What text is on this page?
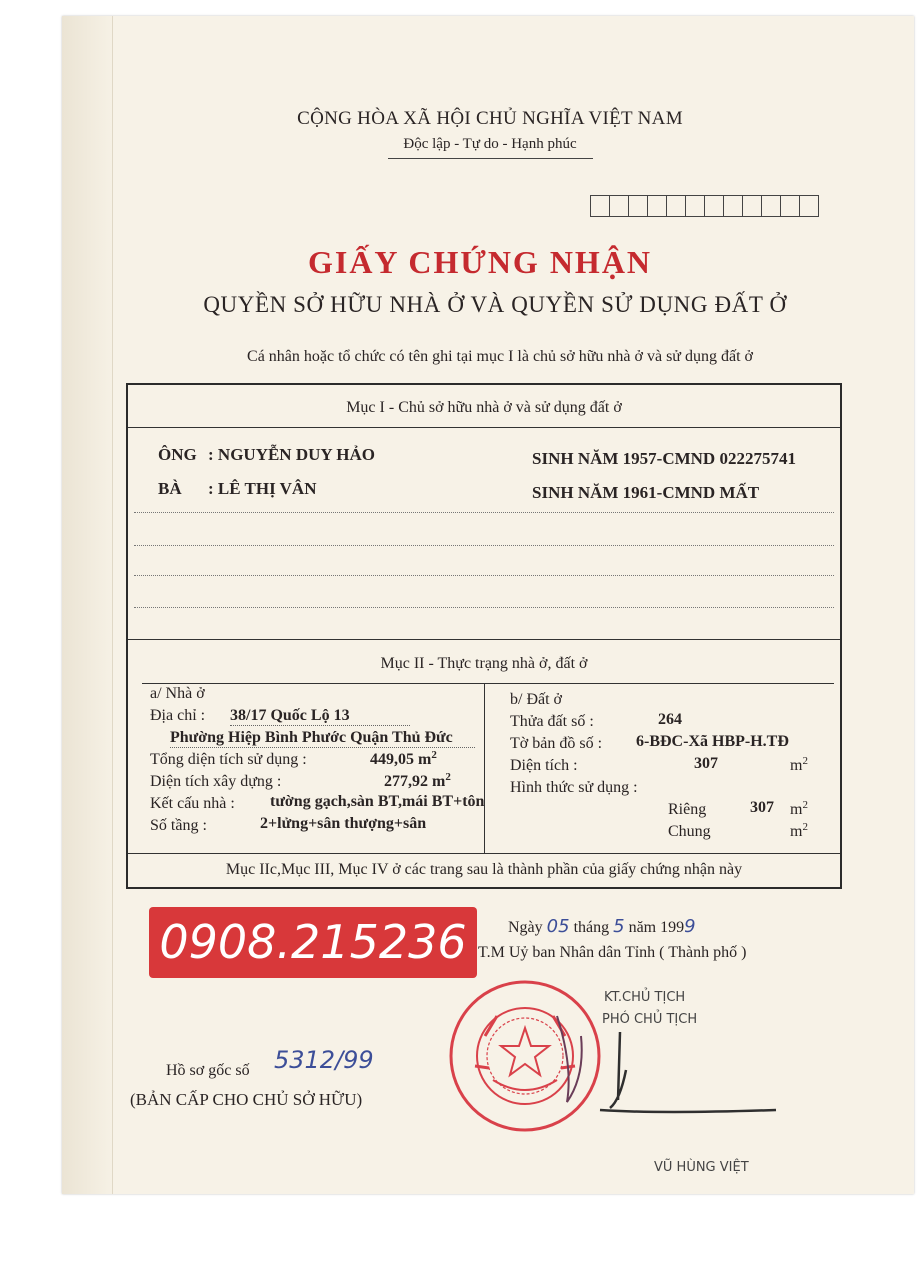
CỘNG HÒA XÃ HỘI CHỦ NGHĨA VIỆT NAM
Độc lập - Tự do - Hạnh phúc
GIẤY CHỨNG NHẬN
QUYỀN SỞ HỮU NHÀ Ở VÀ QUYỀN SỬ DỤNG ĐẤT Ở
Cá nhân hoặc tổ chức có tên ghi tại mục I là chủ sở hữu nhà ở và sử dụng đất ở
Mục I - Chủ sở hữu nhà ở và sử dụng đất ở
ÔNG : NGUYỄN DUY HẢO	SINH NĂM 1957-CMND 022275741
BÀ : LÊ THỊ VÂN	SINH NĂM 1961-CMND MẤT
Mục II - Thực trạng nhà ở, đất ở
a/ Nhà ở
Địa chỉ : 38/17 Quốc Lộ 13
Phường Hiệp Bình Phước Quận Thủ Đức
Tổng diện tích sử dụng :	449,05 $m^2$
Diện tích xây dựng :	277,92 $m^2$
Kết cấu nhà : tường gạch,sàn BT,mái BT+tôn
Số tầng :	2+lửng+sân thượng+sân
b/ Đất ở
Thửa đất số :	264
Tờ bản đồ số : 6-BĐC-Xã HBP-H.TĐ
Diện tích :	307	$m^2$
Hình thức sử dụng :
Riêng	307 $m^2$
Chung	$m^2$
Mục IIc,Mục III, Mục IV ở các trang sau là thành phần của giấy chứng nhận này
Ngày 05 tháng 5 năm 1999
T.M Uỷ ban Nhân dân Tỉnh ( Thành phố )
KT.CHỦ TỊCH
PHÓ CHỦ TỊCH
VŨ HÙNG VIỆT
Hồ sơ gốc số 5312/99
(BẢN CẤP CHO CHỦ SỞ HỮU)
0908.215236
